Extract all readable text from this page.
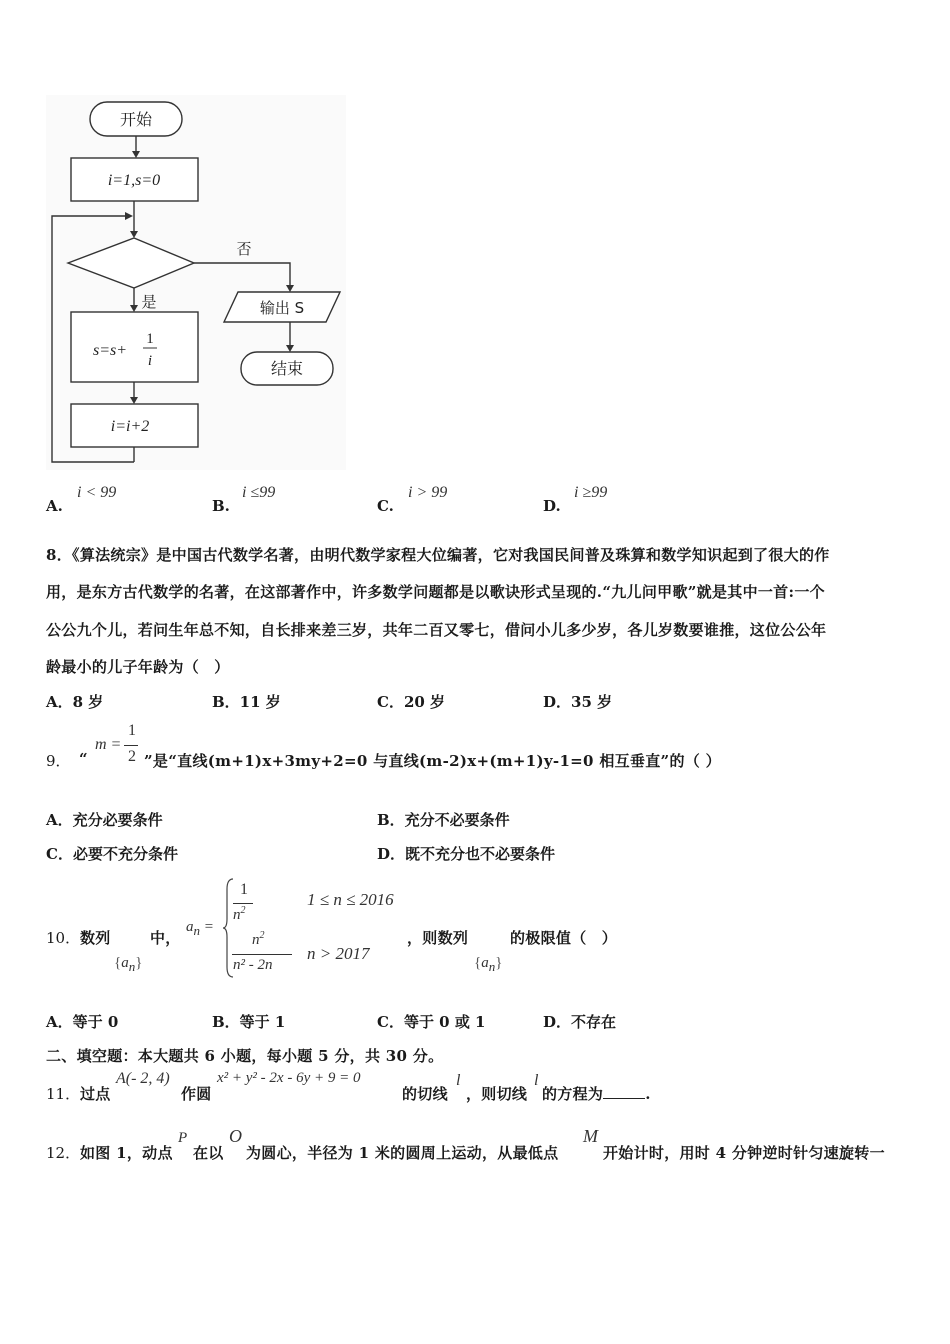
开始
i=1,s=0
否
输出 S
结束
是
s=s+
1
i
i=i+2
A.
i < 99
B.
i ≤99
C.
i > 99
D.
i ≥99
8．《算法统宗》是中国古代数学名著，由明代数学家程大位编著，它对我国民间普及珠算和数学知识起到了很大的作
用，是东方古代数学的名著，在这部著作中，许多数学问题都是以歌诀形式呈现的.“九儿问甲歌”就是其中一首:一个
公公九个儿，若问生年总不知，自长排来差三岁，共年二百又零七，借问小儿多少岁，各儿岁数要谁推，这位公公年
龄最小的儿子年龄为（　）
A．8 岁	B．11 岁	C．20 岁	D．35 岁
9． “
m =
1
2 ”是“直线(m+1)x+3my+2=0 与直线(m-2)x+(m+1)y-1=0 相互垂直”的（ ）
A．充分必要条件	B．充分不必要条件
C．必要不充分条件	D．既不充分也不必要条件
10． 数列
$\{a_n\}$
中，
$a_n$ =
1
$n^2$
1 ≤ n ≤ 2016
$n^2$
n² - 2n
n > 2017
，则数列
$\{a_n\}$
的极限值（　）
A．等于 0	B．等于 1	C．等于 0 或 1	D．不存在
二、填空题：本大题共 6 小题，每小题 5 分，共 30 分。
11． 过点
A(- 2, 4)
作圆
x² + y² - 2x - 6y + 9 = 0
的切线
l
，则切线
l
的方程为	.
12． 如图 1，动点
P
在以
O
为圆心，半径为 1 米的圆周上运动，从最低点
M
开始计时，用时 4 分钟逆时针匀速旋转一
